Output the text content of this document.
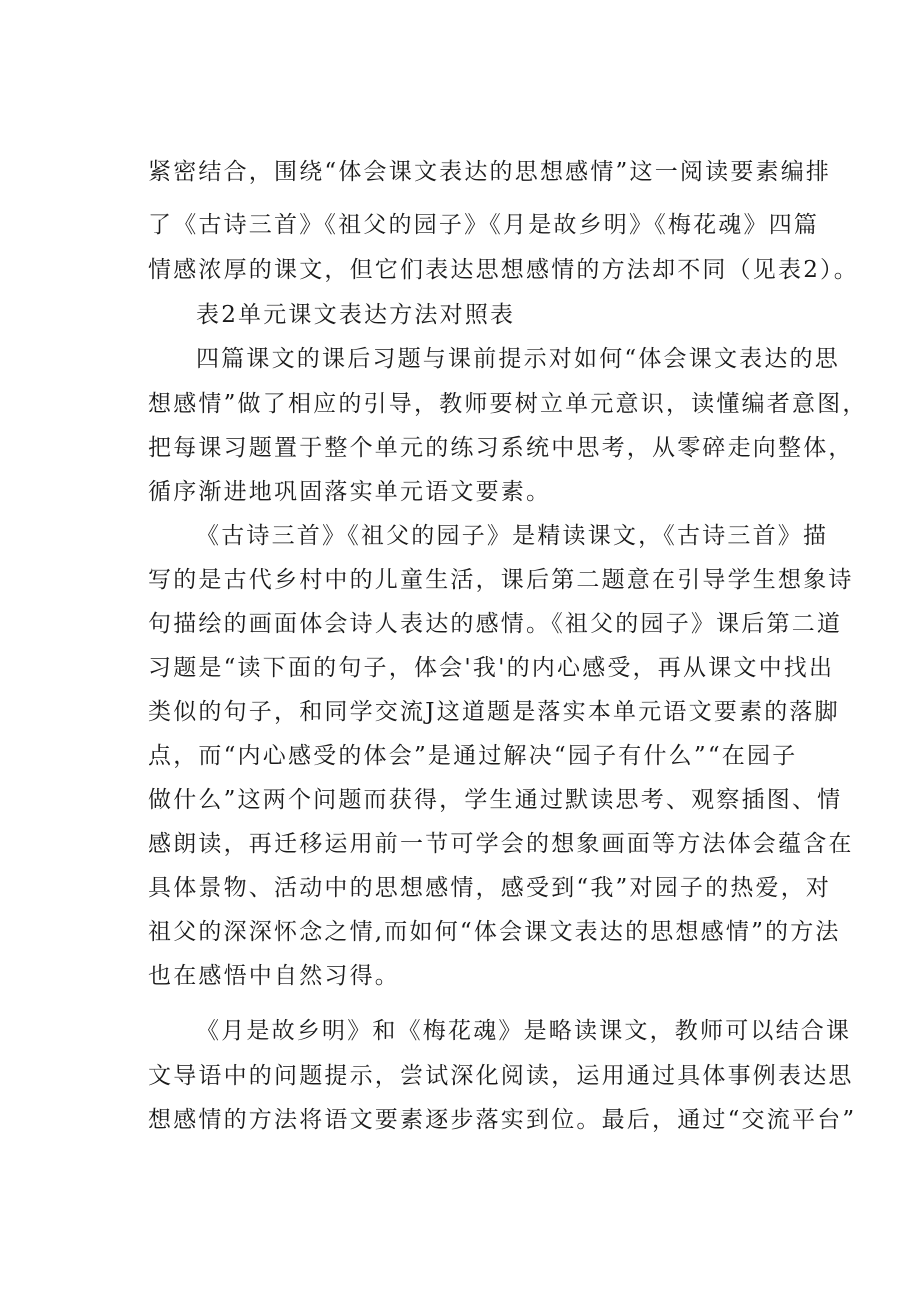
紧密结合，围绕“体会课文表达的思想感情”这一阅读要素编排
了《古诗三首》《祖父的园子》《月是故乡明》《梅花魂》四篇
情感浓厚的课文，但它们表达思想感情的方法却不同（见表2）。
表2单元课文表达方法对照表
四篇课文的课后习题与课前提示对如何“体会课文表达的思
想感情”做了相应的引导，教师要树立单元意识，读懂编者意图，
把每课习题置于整个单元的练习系统中思考，从零碎走向整体，
循序渐进地巩固落实单元语文要素。
《古诗三首》《祖父的园子》是精读课文，《古诗三首》描
写的是古代乡村中的儿童生活，课后第二题意在引导学生想象诗
句描绘的画面体会诗人表达的感情。《祖父的园子》课后第二道
习题是“读下面的句子，体会'我'的内心感受，再从课文中找出
类似的句子，和同学交流J这道题是落实本单元语文要素的落脚
点，而“内心感受的体会”是通过解决“园子有什么”“在园子
做什么”这两个问题而获得，学生通过默读思考、观察插图、情
感朗读，再迁移运用前一节可学会的想象画面等方法体会蕴含在
具体景物、活动中的思想感情，感受到“我”对园子的热爱，对
祖父的深深怀念之情,而如何“体会课文表达的思想感情”的方法
也在感悟中自然习得。
《月是故乡明》和《梅花魂》是略读课文，教师可以结合课
文导语中的问题提示，尝试深化阅读，运用通过具体事例表达思
想感情的方法将语文要素逐步落实到位。最后，通过“交流平台”
